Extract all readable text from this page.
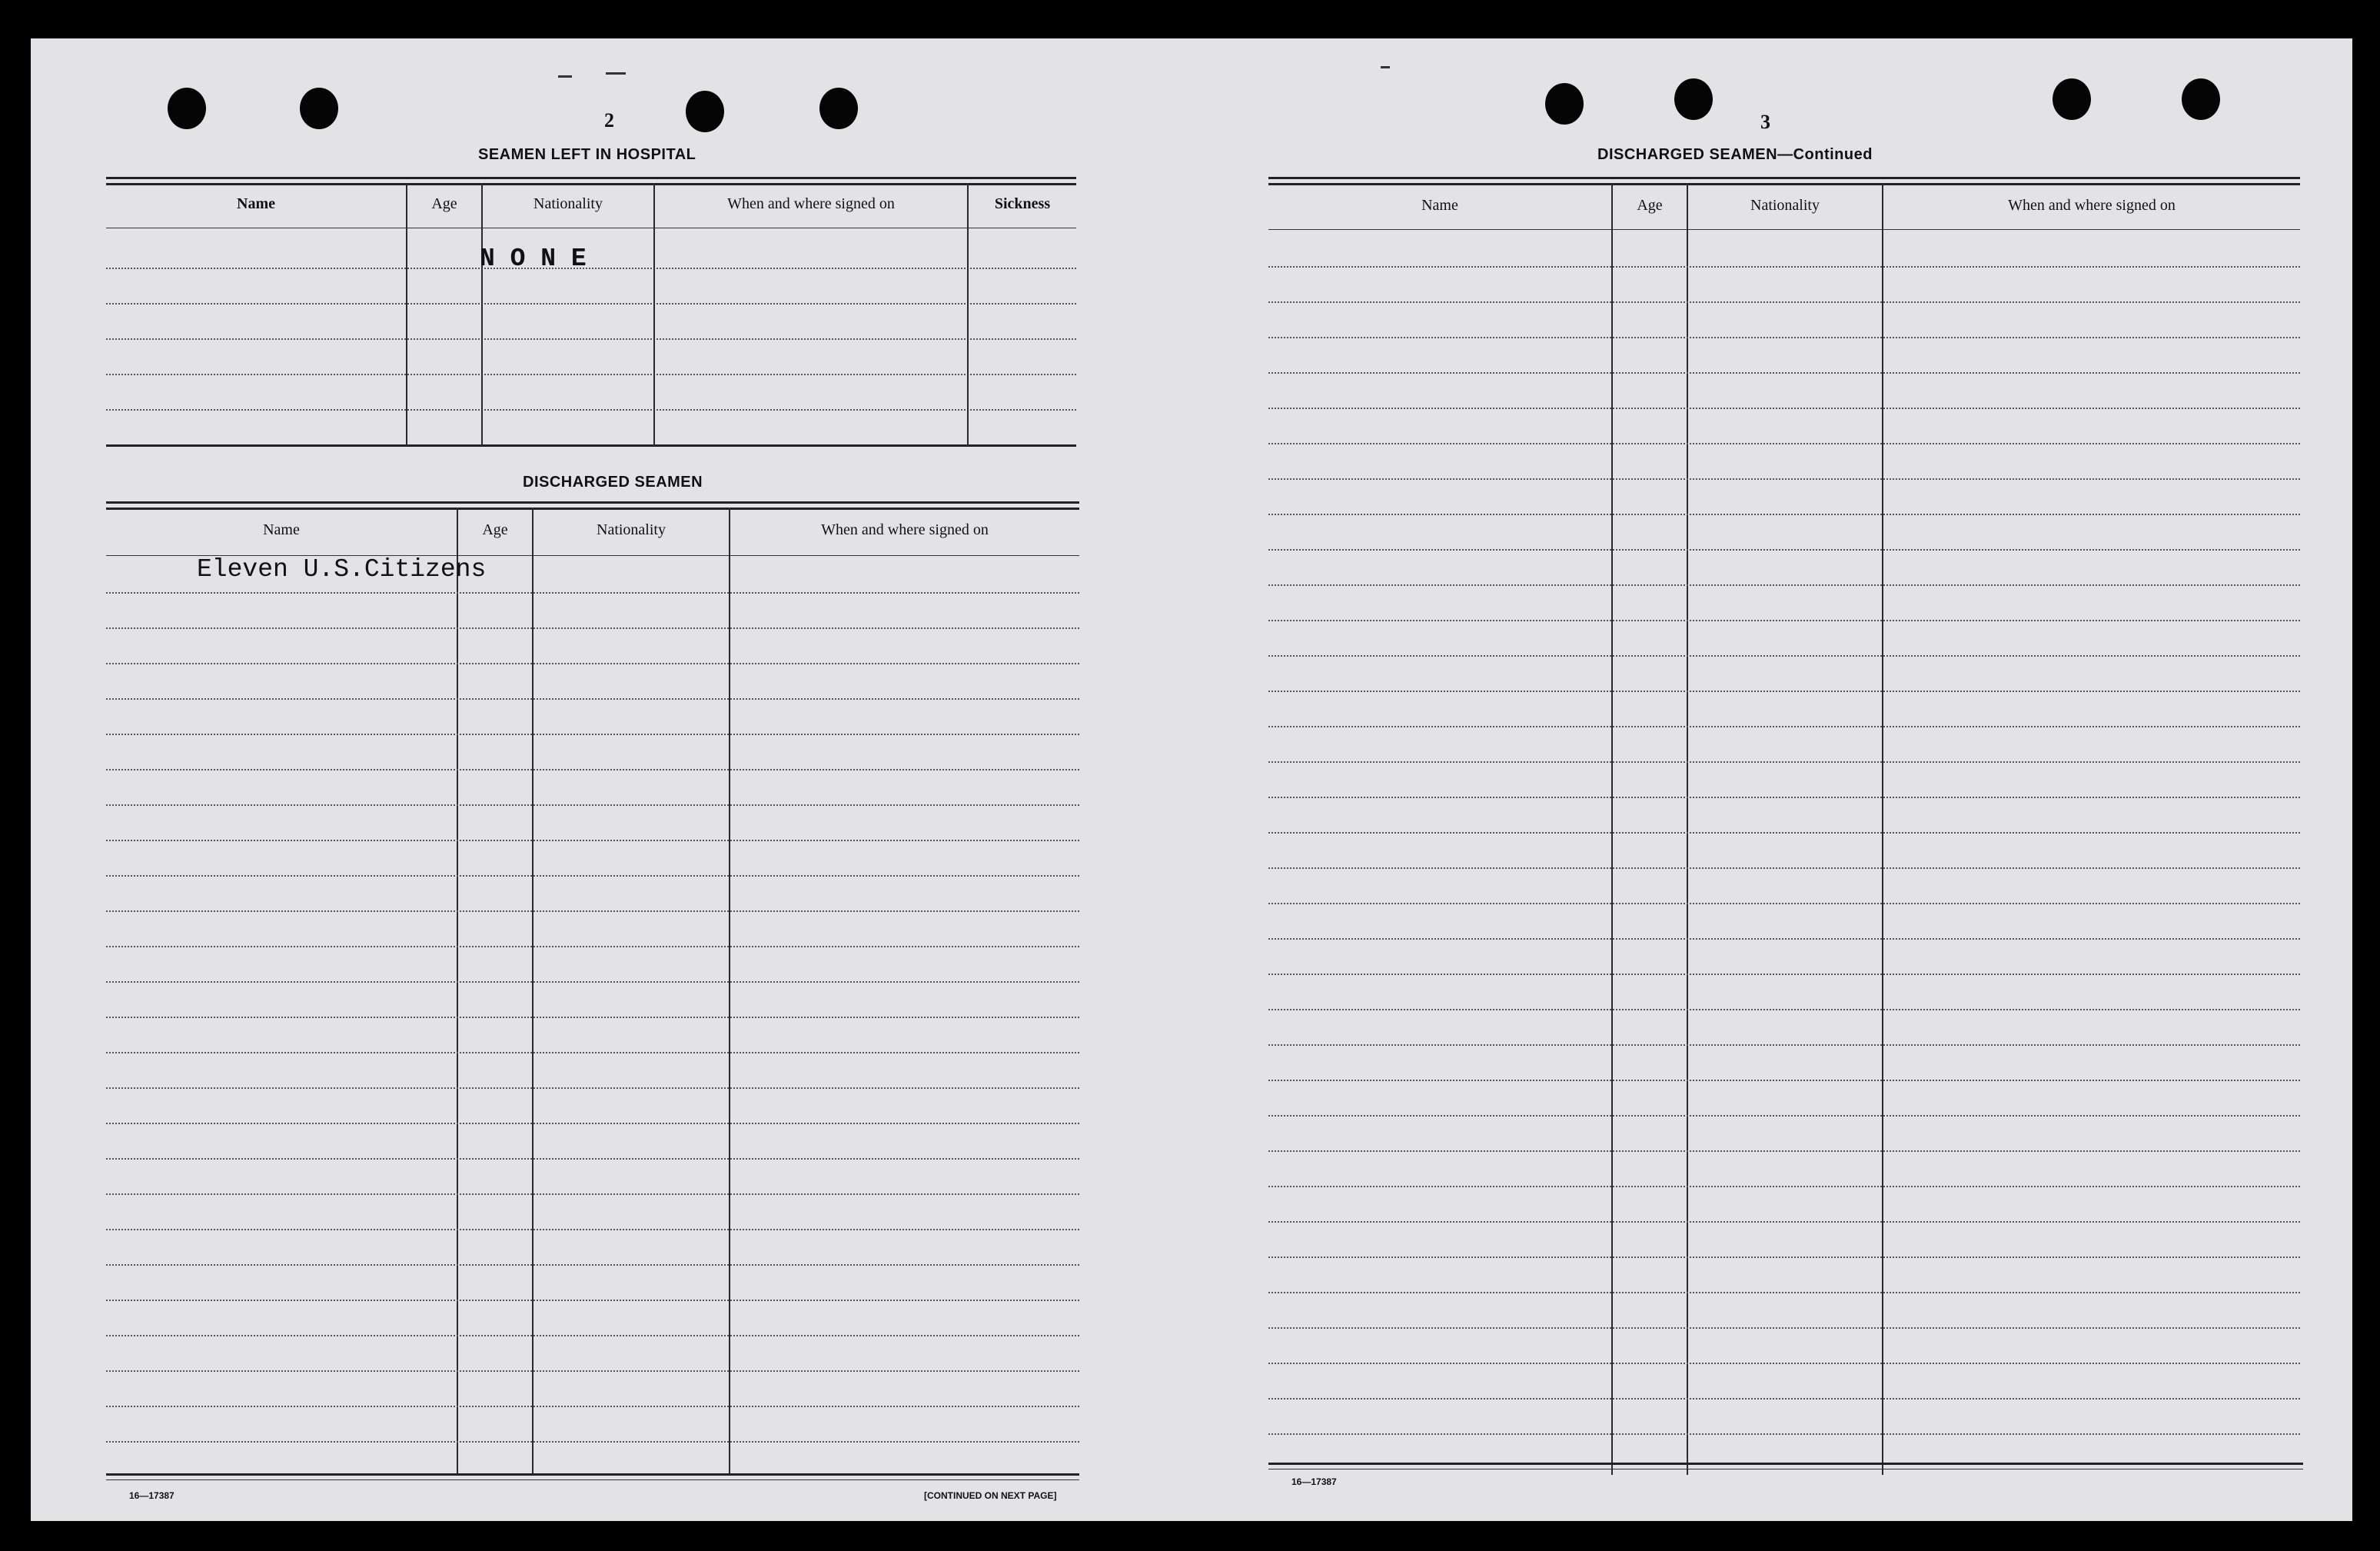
2
SEAMEN LEFT IN HOSPITAL
Name	Age	Nationality	When and where signed on	Sickness
N O N E
DISCHARGED SEAMEN
Name	Age	Nationality	When and where signed on
Eleven U.S.Citizens
16—17387	[CONTINUED ON NEXT PAGE]
3
DISCHARGED SEAMEN—Continued
Name	Age	Nationality	When and where signed on
16—17387
